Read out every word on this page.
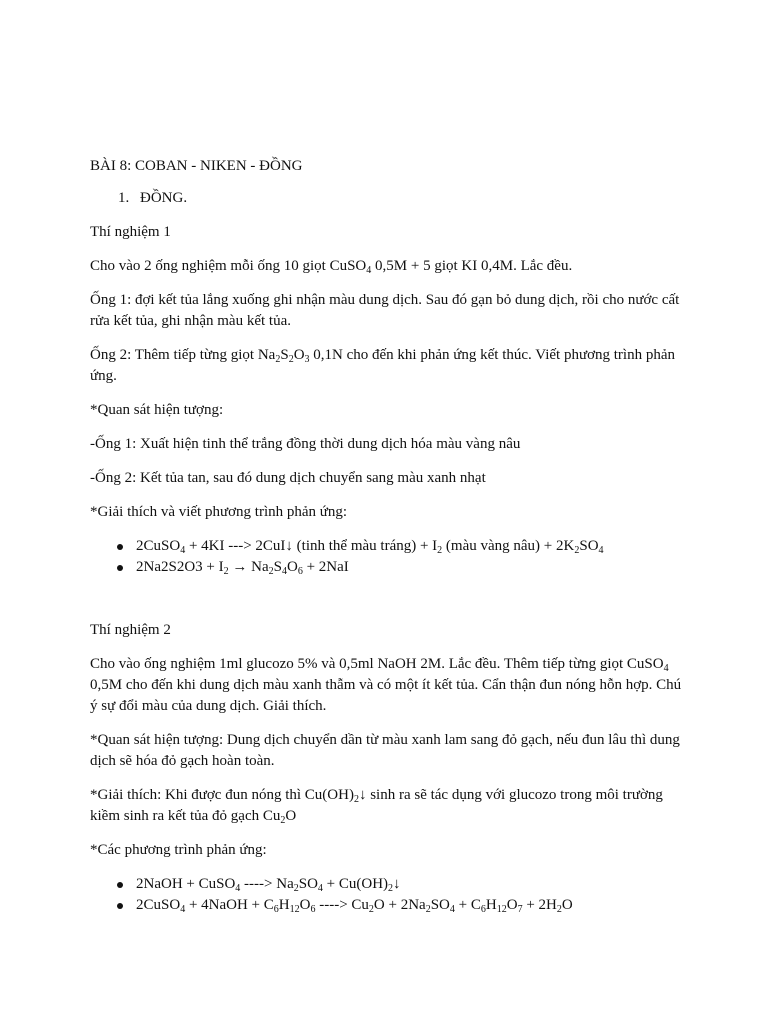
BÀI 8: COBAN - NIKEN - ĐỒNG

1. ĐỒNG.

Thí nghiệm 1

Cho vào 2 ống nghiệm mỗi ống 10 giọt CuSO$_4$ 0,5M + 5 giọt KI 0,4M. Lắc đều.

Ống 1: đợi kết tủa lắng xuống ghi nhận màu dung dịch. Sau đó gạn bỏ dung dịch, rồi cho nước cất rửa kết tủa, ghi nhận màu kết tủa.

Ống 2: Thêm tiếp từng giọt $Na_2S_2O_3$ 0,1N cho đến khi phản ứng kết thúc. Viết phương trình phản ứng.

*Quan sát hiện tượng:

-Ống 1: Xuất hiện tinh thể trắng đồng thời dung dịch hóa màu vàng nâu

-Ống 2: Kết tủa tan, sau đó dung dịch chuyển sang màu xanh nhạt

*Giải thích và viết phương trình phản ứng:

2CuSO$_4$ + 4KI ---> 2CuI↓ (tinh thể màu tráng) + $I_2$ (màu vàng nâu) + $2K_2SO_4$
$2Na2S2O3 + I_2 \to Na_2S_4O_6 + 2NaI$

Thí nghiệm 2

Cho vào ống nghiệm 1ml glucozo 5% và 0,5ml NaOH 2M. Lắc đều. Thêm tiếp từng giọt CuSO$_4$ 0,5M cho đến khi dung dịch màu xanh thẫm và có một ít kết tủa. Cẩn thận đun nóng hỗn hợp. Chú ý sự đổi màu của dung dịch. Giải thích.

*Quan sát hiện tượng: Dung dịch chuyển dần từ màu xanh lam sang đỏ gạch, nếu đun lâu thì dung dịch sẽ hóa đỏ gạch hoàn toàn.

*Giải thích: Khi được đun nóng thì $Cu(OH)_2↓$ sinh ra sẽ tác dụng với glucozo trong môi trường kiềm sinh ra kết tủa đỏ gạch $Cu_2O$

*Các phương trình phản ứng:

2NaOH + CuSO$_4$ ----> $Na_2SO_4$ + $Cu(OH)_2↓$
2CuSO$_4$ + 4NaOH + $C_6H_{12}O_6$ ----> $Cu_2O + 2Na_2SO_4 + C_6H_{12}O_7 + 2H_2O$
